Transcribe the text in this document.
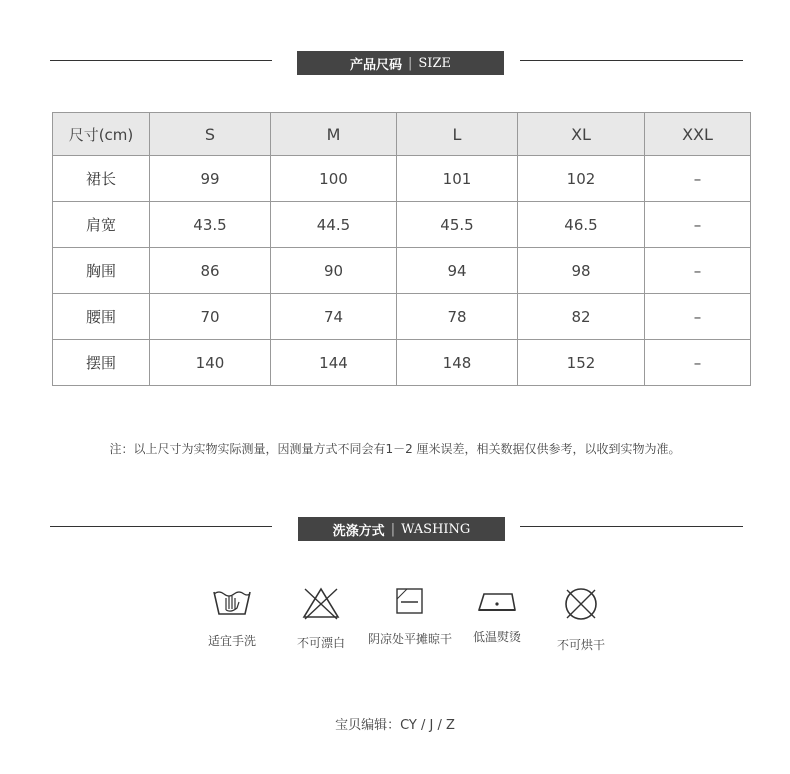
产品尺码 | SIZE
尺寸(cm)	S	M	L	XL	XXL
裙长	99	100	101	102	–
肩宽	43.5	44.5	45.5	46.5	–
胸围	86	90	94	98	–
腰围	70	74	78	82	–
摆围	140	144	148	152	–
注：以上尺寸为实物实际测量，因测量方式不同会有1－2 厘米误差，相关数据仅供参考，以收到实物为准。
洗涤方式 | WASHING
适宜手洗	不可漂白	阴凉处平摊晾干	低温熨烫
不可烘干
宝贝编辑：CY / J / Z
